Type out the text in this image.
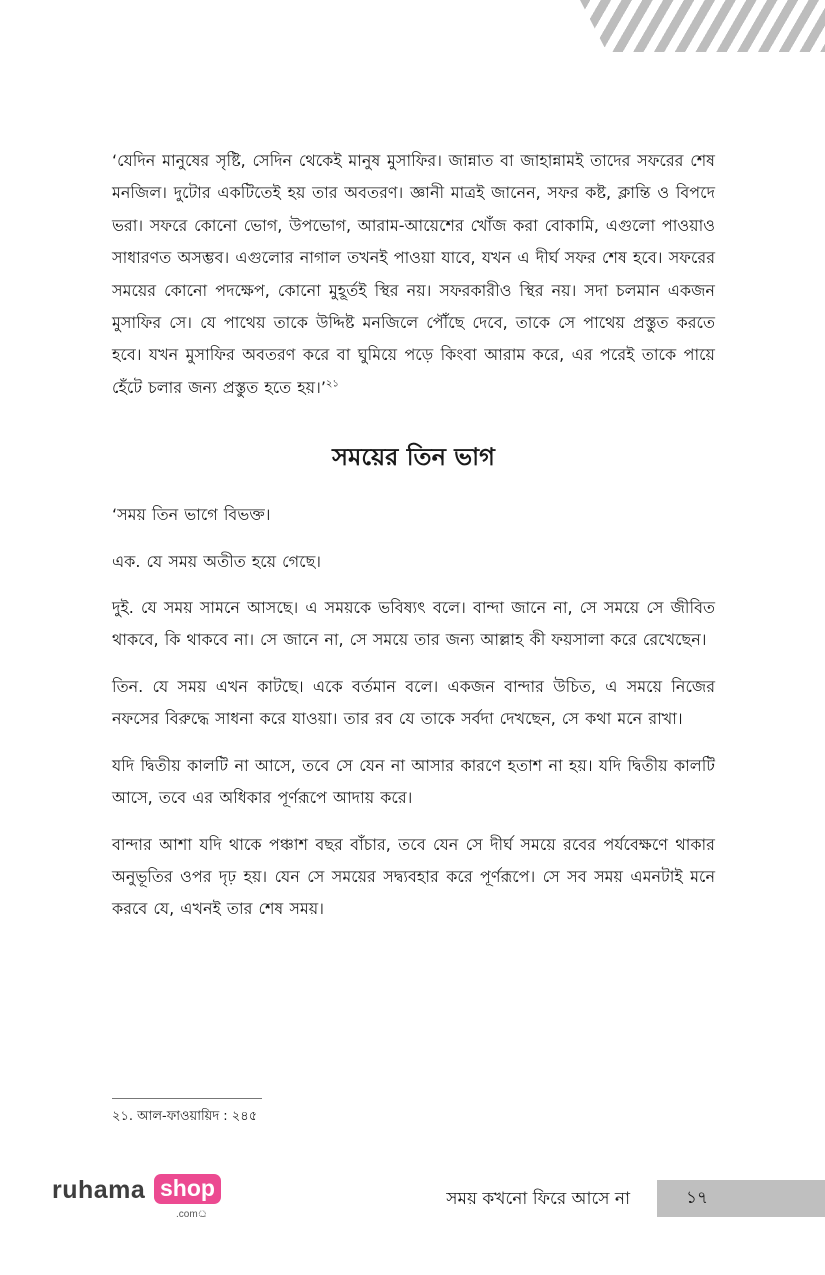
‘যেদিন মানুষের সৃষ্টি, সেদিন থেকেই মানুষ মুসাফির। জান্নাত বা জাহান্নামই তাদের সফরের শেষ মনজিল। দুটোর একটিতেই হয় তার অবতরণ। জ্ঞানী মাত্রই জানেন, সফর কষ্ট, ক্লান্তি ও বিপদে ভরা। সফরে কোনো ভোগ, উপভোগ, আরাম-আয়েশের খোঁজ করা বোকামি, এগুলো পাওয়াও সাধারণত অসম্ভব। এগুলোর নাগাল তখনই পাওয়া যাবে, যখন এ দীর্ঘ সফর শেষ হবে। সফরের সময়ের কোনো পদক্ষেপ, কোনো মুহূর্তই স্থির নয়। সফরকারীও স্থির নয়। সদা চলমান একজন মুসাফির সে। যে পাথেয় তাকে উদ্দিষ্ট মনজিলে পৌঁছে দেবে, তাকে সে পাথেয় প্রস্তুত করতে হবে। যখন মুসাফির অবতরণ করে বা ঘুমিয়ে পড়ে কিংবা আরাম করে, এর পরেই তাকে পায়ে হেঁটে চলার জন্য প্রস্তুত হতে হয়।’$^{২১}$

সময়ের তিন ভাগ

‘সময় তিন ভাগে বিভক্ত।

এক. যে সময় অতীত হয়ে গেছে।

দুই. যে সময় সামনে আসছে। এ সময়কে ভবিষ্যৎ বলে। বান্দা জানে না, সে সময়ে সে জীবিত থাকবে, কি থাকবে না। সে জানে না, সে সময়ে তার জন্য আল্লাহ কী ফয়সালা করে রেখেছেন।

তিন. যে সময় এখন কাটছে। একে বর্তমান বলে। একজন বান্দার উচিত, এ সময়ে নিজের নফসের বিরুদ্ধে সাধনা করে যাওয়া। তার রব যে তাকে সর্বদা দেখছেন, সে কথা মনে রাখা।

যদি দ্বিতীয় কালটি না আসে, তবে সে যেন না আসার কারণে হতাশ না হয়। যদি দ্বিতীয় কালটি আসে, তবে এর অধিকার পূর্ণরূপে আদায় করে।

বান্দার আশা যদি থাকে পঞ্চাশ বছর বাঁচার, তবে যেন সে দীর্ঘ সময়ে রবের পর্যবেক্ষণে থাকার অনুভূতির ওপর দৃঢ় হয়। যেন সে সময়ের সদ্ব্যবহার করে পূর্ণরূপে। সে সব সময় এমনটাই মনে করবে যে, এখনই তার শেষ সময়।

২১. আল-ফাওয়ায়িদ : ২৪৫
ruhama shop
.com্র
সময় কখনো ফিরে আসে না	১৭
